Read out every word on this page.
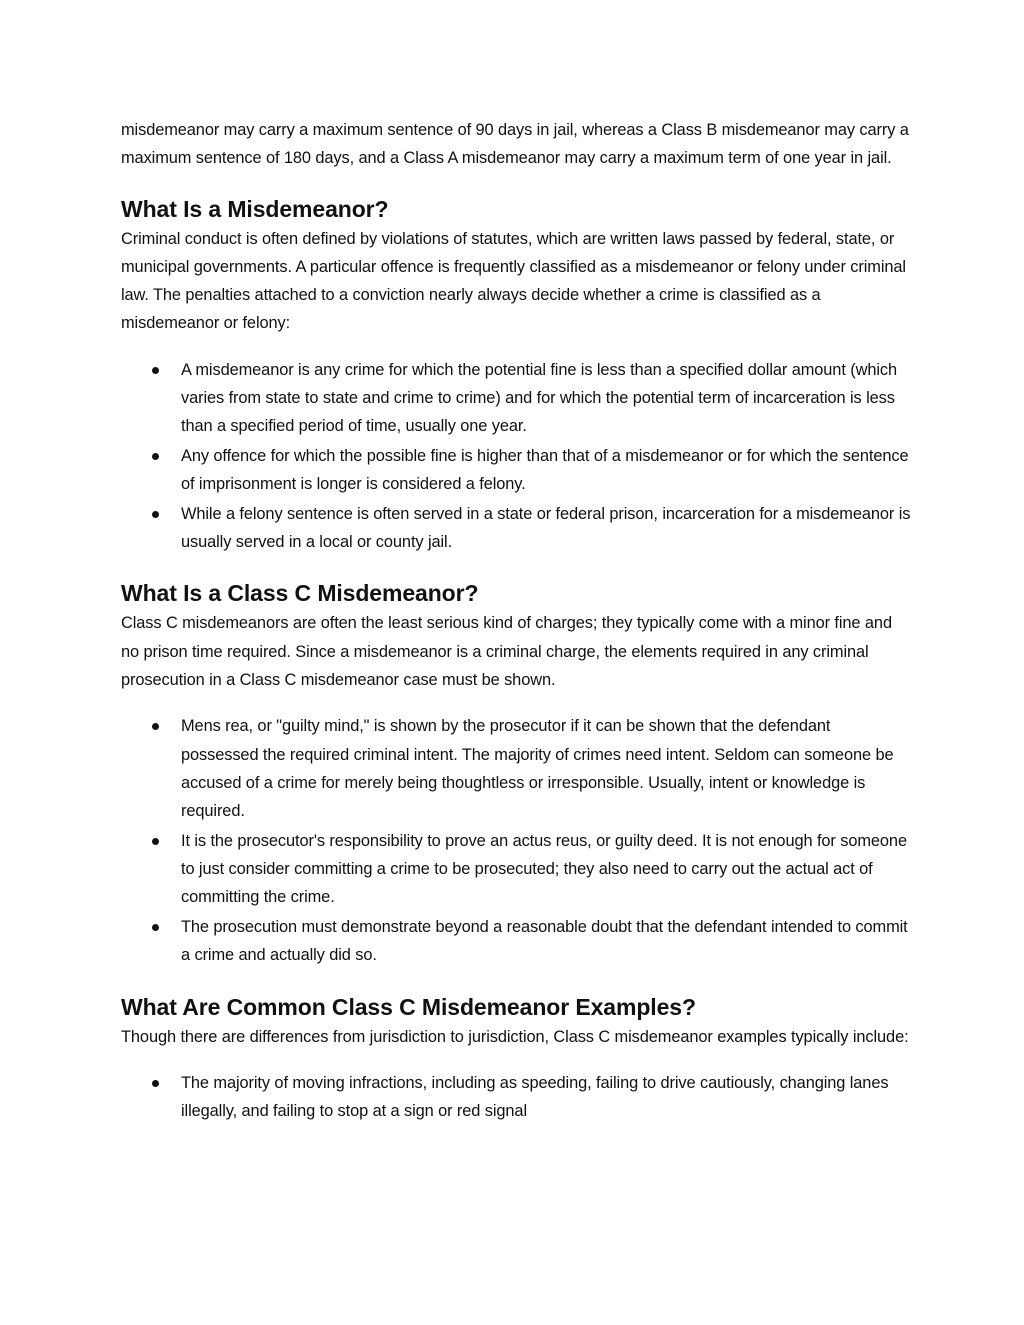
misdemeanor may carry a maximum sentence of 90 days in jail, whereas a Class B misdemeanor may carry a maximum sentence of 180 days, and a Class A misdemeanor may carry a maximum term of one year in jail.

What Is a Misdemeanor?

Criminal conduct is often defined by violations of statutes, which are written laws passed by federal, state, or municipal governments. A particular offence is frequently classified as a misdemeanor or felony under criminal law. The penalties attached to a conviction nearly always decide whether a crime is classified as a misdemeanor or felony:

A misdemeanor is any crime for which the potential fine is less than a specified dollar amount (which varies from state to state and crime to crime) and for which the potential term of incarceration is less than a specified period of time, usually one year.
Any offence for which the possible fine is higher than that of a misdemeanor or for which the sentence of imprisonment is longer is considered a felony.
While a felony sentence is often served in a state or federal prison, incarceration for a misdemeanor is usually served in a local or county jail.
What Is a Class C Misdemeanor?

Class C misdemeanors are often the least serious kind of charges; they typically come with a minor fine and no prison time required. Since a misdemeanor is a criminal charge, the elements required in any criminal prosecution in a Class C misdemeanor case must be shown.

Mens rea, or "guilty mind," is shown by the prosecutor if it can be shown that the defendant possessed the required criminal intent. The majority of crimes need intent. Seldom can someone be accused of a crime for merely being thoughtless or irresponsible. Usually, intent or knowledge is required.
It is the prosecutor's responsibility to prove an actus reus, or guilty deed. It is not enough for someone to just consider committing a crime to be prosecuted; they also need to carry out the actual act of committing the crime.
The prosecution must demonstrate beyond a reasonable doubt that the defendant intended to commit a crime and actually did so.
What Are Common Class C Misdemeanor Examples?

Though there are differences from jurisdiction to jurisdiction, Class C misdemeanor examples typically include:

The majority of moving infractions, including as speeding, failing to drive cautiously, changing lanes illegally, and failing to stop at a sign or red signal
